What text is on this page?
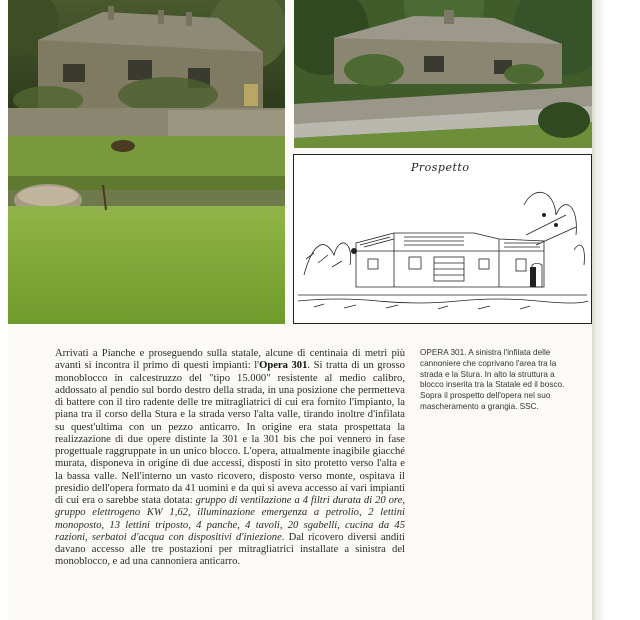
Prospetto
Arrivati a Pianche e proseguendo sulla statale, alcune di centinaia di metri più avanti si incontra il primo di questi impianti: l'Opera 301. Si tratta di un grosso monoblocco in calcestruzzo del "tipo 15.000" resistente al medio calibro, addossato al pendio sul bordo destro della strada, in una posizione che permetteva di battere con il tiro radente delle tre mitragliatrici di cui era fornito l'impianto, la piana tra il corso della Stura e la strada verso l'alta valle, tirando inoltre d'infilata su quest'ultima con un pezzo anticarro. In origine era stata prospettata la realizzazione di due opere distinte la 301 e la 301 bis che poi vennero in fase progettuale raggruppate in un unico blocco. L'opera, attualmente inagibile giacché murata, disponeva in origine di due accessi, disposti in sito protetto verso l'alta e la bassa valle. Nell'interno un vasto ricovero, disposto verso monte, ospitava il presidio dell'opera formato da 41 uomini e da qui si aveva accesso ai vari impianti di cui era o sarebbe stata dotata: gruppo di ventilazione a 4 filtri durata di 20 ore, gruppo elettrogeno KW 1,62, illuminazione emergenza a petrolio, 2 lettini monoposto, 13 lettini triposto, 4 panche, 4 tavoli, 20 sgabelli, cucina da 45 razioni, serbatoi d'acqua con dispositivi d'iniezione. Dal ricovero diversi anditi davano accesso alle tre postazioni per mitragliatrici installate a sinistra del monoblocco, e ad una cannoniera anticarro.
OPERA 301. A sinistra l'infilata delle cannoniere che coprivano l'area tra la strada e la Stura. In alto la struttura a blocco inserita tra la Statale ed il bosco. Sopra il prospetto dell'opera nel suo mascheramento a grangia. SSC.
